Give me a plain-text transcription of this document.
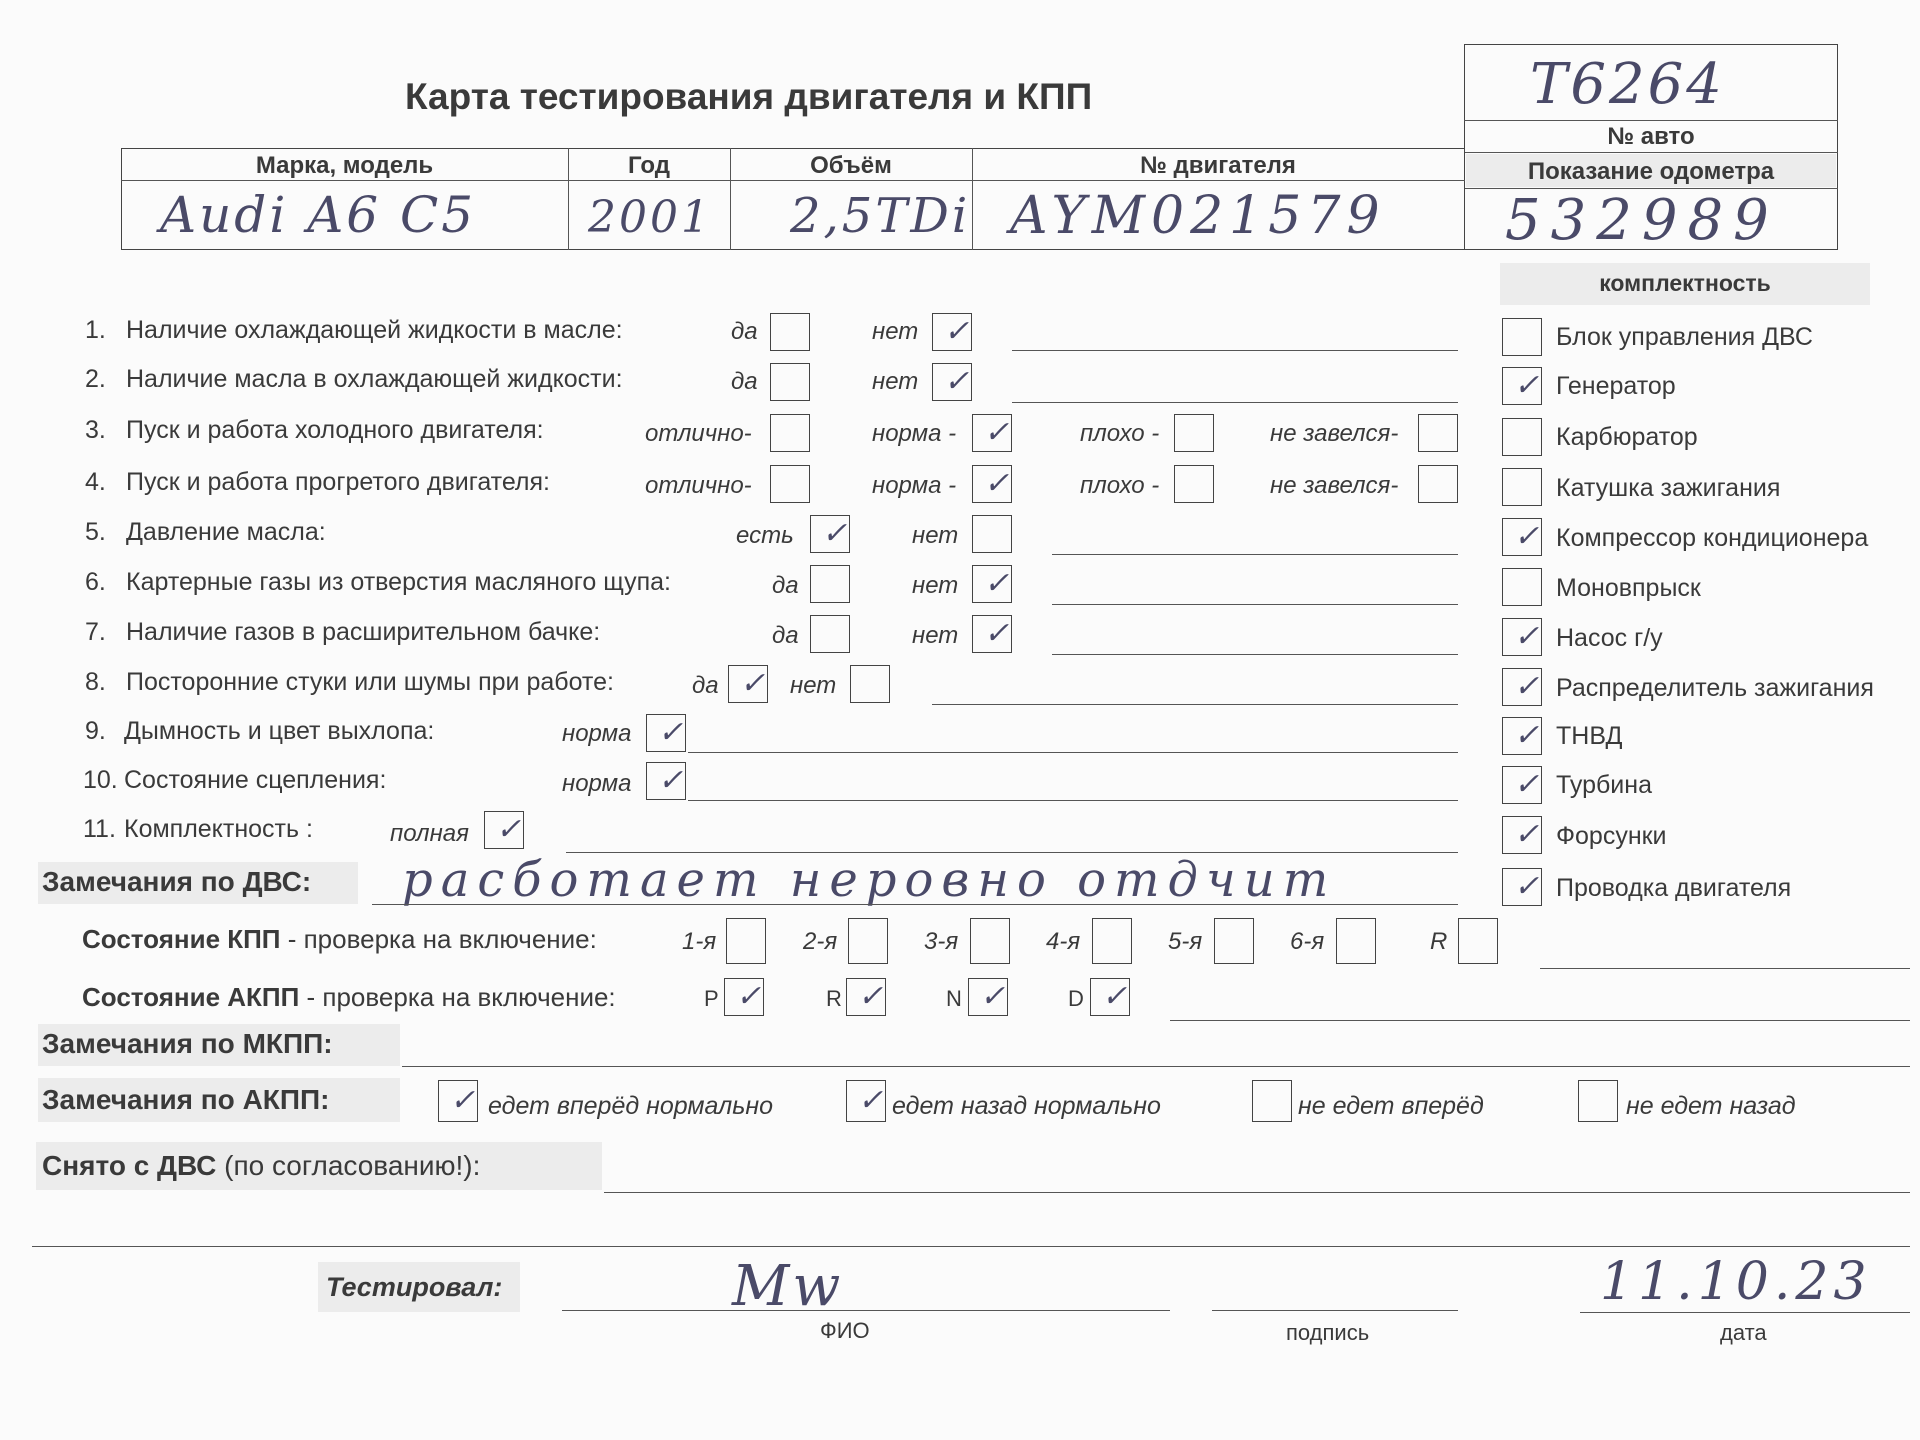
Карта тестирования двигателя и КПП	T6264
№ авто
Показание одометра
532989
Марка, модель	Год	Объём	№ двигателя
Audi A6 C5	2001 2,5TDi AYM021579
комплектность
1. Наличие охлаждающей жидкости в масле:	да	нет ✓
2. Наличие масла в охлаждающей жидкости:	да	нет ✓
3. Пуск и работа холодного двигателя:	отлично-	норма - ✓	плохо -	не завелся-
4. Пуск и работа прогретого двигателя:	отлично-	норма - ✓	плохо -	не завелся-
5. Давление масла:	есть ✓	нет
6. Картерные газы из отверстия масляного щупа:	да	нет ✓
7. Наличие газов в расширительном бачке:	да	нет ✓
8. Посторонние стуки или шумы при работе:	да ✓ нет
9. Дымность и цвет выхлопа:	норма ✓
10. Состояние сцепления:	норма ✓
11. Комплектность :	полная ✓
Блок управления ДВС
✓ Генератор
Карбюратор
Катушка зажигания
✓ Компрессор кондиционера
Моновпрыск
✓ Насос г/у
✓ Распределитель зажигания
✓ ТНВД
✓ Турбина
✓ Форсунки
✓ Проводка двигателя
Замечания по ДВС: расботает неровно отдчит
Состояние КПП - проверка на включение:	1-я	2-я	3-я	4-я	5-я	6-я	R
Состояние АКПП - проверка на включение:	P ✓	R ✓	N ✓	D ✓
Замечания по МКПП:
Замечания по АКПП:	✓ едет вперёд нормально	✓ едет назад нормально	не едет вперёд	не едет назад
Снято с ДВС (по согласованию!):
Тестировал:	Mw
ФИО	подпись
11.10.23
дата
